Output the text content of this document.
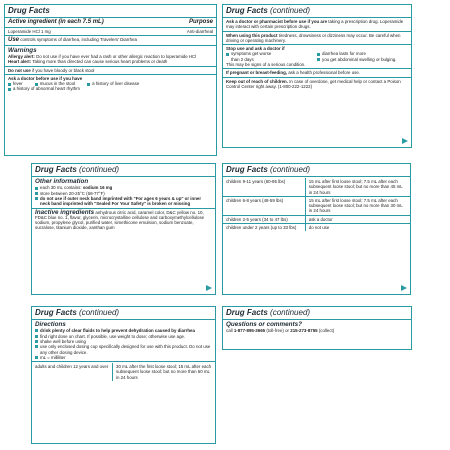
Drug Facts
Active ingredient (in each 7.5 mL)	Purpose
Loperamide HCl 1 mg	Anti-diarrheal
Use controls symptoms of diarrhea, including Travelers' Diarrhea
Warnings
Allergy alert: Do not use if you have ever had a rash or other allergic reaction to loperamide HCl
Heart alert: Taking more than directed can cause serious heart problems or death
Do not use if you have bloody or black stool
Ask a doctor before use if you have
fever	mucus in the stool	a history of liver disease
a history of abnormal heart rhythm
Drug Facts (continued)
Ask a doctor or pharmacist before use if you are taking a prescription drug. Loperamide may interact with certain prescription drugs.
When using this product tiredness, drowsiness or dizziness may occur. Be careful when driving or operating machinery.
Stop use and ask a doctor if
symptoms get worse	diarrhea lasts for more
than 2 days	you get abdominal swelling or bulging.
This may be signs of a serious condition.
If pregnant or breast-feeding, ask a health professional before use.
Keep out of reach of children. In case of overdose, get medical help or contact a Poison Control Center right away. (1-800-222-1222)
Drug Facts (continued)
Other information
each 30 mL contains: sodium 16 mg
store between 20-25°C (68-77°F)
do not use if outer neck band imprinted with "For ages 6 years & up" or inner neck band imprinted with "Sealed For Your Safety" is broken or missing
Inactive ingredients anhydrous citric acid, caramel color, D&C yellow no. 10, FD&C blue no. 1, flavor, glycerin, microcrystalline cellulose and carboxymethylcellulose sodium, propylene glycol, purified water, simethicone emulsion, sodium benzoate, sucralose, titanium dioxide, xanthan gum
Drug Facts (continued)
children 9-11 years (60-95 lbs)	15 mL after first loose stool; 7.5 mL after each subsequent loose stool; but no more than 45 mL in 24 hours
children 6-8 years (48-59 lbs)	15 mL after first loose stool; 7.5 mL after each subsequent loose stool; but no more than 30 mL in 24 hours
children 2-5 years (34 to 47 lbs)	ask a doctor
children under 2 years (up to 33 lbs)	do not use
Drug Facts (continued)
Directions
drink plenty of clear fluids to help prevent dehydration caused by diarrhea
find right dose on chart. If possible, use weight to dose; otherwise use age.
shake well before using
use only enclosed dosing cup specifically designed for use with this product. Do not use any other dosing device.
mL = milliliter
adults and children 12 years and over	30 mL after the first loose stool; 15 mL after each subsequent loose stool; but no more than 60 mL in 24 hours
Drug Facts (continued)
Questions or comments?
call 1-877-895-3665 (toll-free) or 215-273-8755 (collect)
